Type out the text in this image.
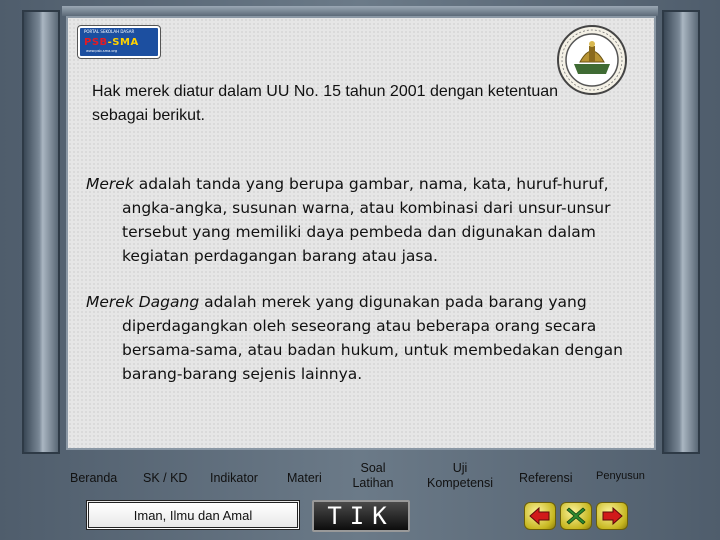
PORTAL SEKOLAH DASAR
PSB-SMA
www.psb-sma.org
Hak merek diatur dalam UU No. 15 tahun 2001 dengan ketentuan sebagai berikut.
Merek adalah tanda yang berupa gambar, nama, kata, huruf-huruf, angka-angka, susunan warna, atau kombinasi dari unsur-unsur tersebut yang memiliki daya pembeda dan digunakan dalam kegiatan perdagangan barang atau jasa.
Merek Dagang adalah merek yang digunakan pada barang yang diperdagangkan oleh seseorang atau beberapa orang secara bersama-sama, atau badan hukum, untuk membedakan dengan barang-barang sejenis lainnya.
Beranda SK / KD Indikator Materi
Soal
Latihan
Uji
Kompetensi Referensi Penyusun
Iman, Ilmu dan Amal	TIK
